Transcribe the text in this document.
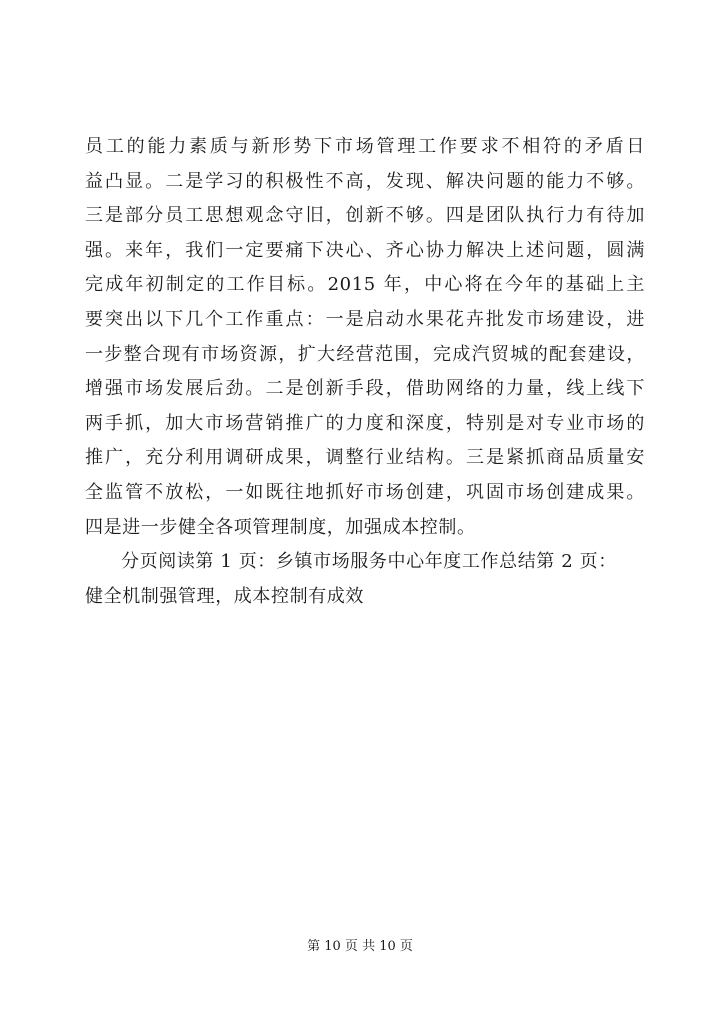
员工的能力素质与新形势下市场管理工作要求不相符的矛盾日
益凸显。二是学习的积极性不高，发现、解决问题的能力不够。
三是部分员工思想观念守旧，创新不够。四是团队执行力有待加
强。来年，我们一定要痛下决心、齐心协力解决上述问题，圆满
完成年初制定的工作目标。2015 年，中心将在今年的基础上主
要突出以下几个工作重点：一是启动水果花卉批发市场建设，进
一步整合现有市场资源，扩大经营范围，完成汽贸城的配套建设，
增强市场发展后劲。二是创新手段，借助网络的力量，线上线下
两手抓，加大市场营销推广的力度和深度，特别是对专业市场的
推广，充分利用调研成果，调整行业结构。三是紧抓商品质量安
全监管不放松，一如既往地抓好市场创建，巩固市场创建成果。
四是进一步健全各项管理制度，加强成本控制。
分页阅读第 1 页：乡镇市场服务中心年度工作总结第 2 页：
健全机制强管理，成本控制有成效
第 10 页 共 10 页
